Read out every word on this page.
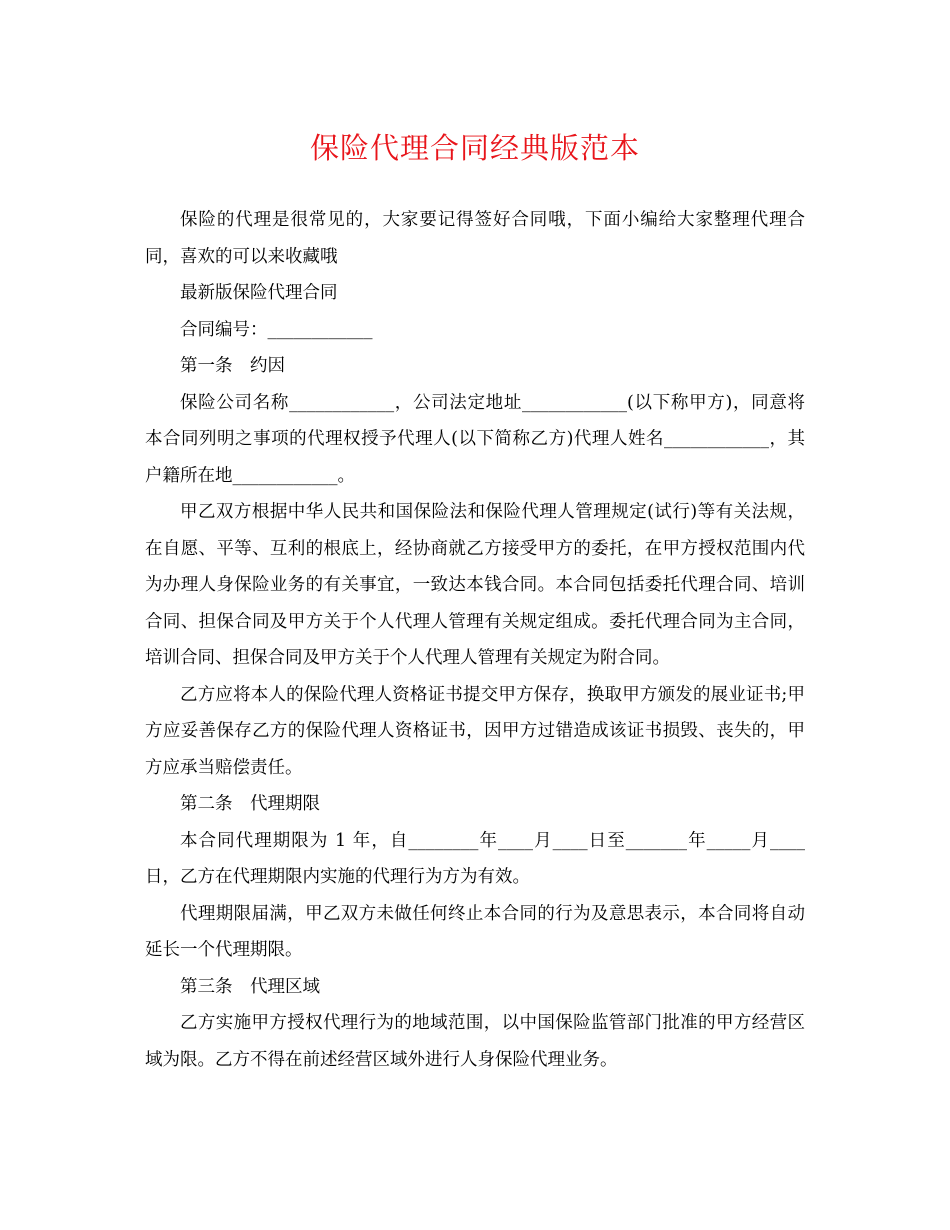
保险代理合同经典版范本

保险的代理是很常见的，大家要记得签好合同哦，下面小编给大家整理代理合同，喜欢的可以来收藏哦

最新版保险代理合同

合同编号：____________

第一条　约因

保险公司名称____________，公司法定地址____________(以下称甲方)，同意将本合同列明之事项的代理权授予代理人(以下简称乙方)代理人姓名____________，其户籍所在地____________。

甲乙双方根据中华人民共和国保险法和保险代理人管理规定(试行)等有关法规，在自愿、平等、互利的根底上，经协商就乙方接受甲方的委托，在甲方授权范围内代为办理人身保险业务的有关事宜，一致达本钱合同。本合同包括委托代理合同、培训合同、担保合同及甲方关于个人代理人管理有关规定组成。委托代理合同为主合同，培训合同、担保合同及甲方关于个人代理人管理有关规定为附合同。

乙方应将本人的保险代理人资格证书提交甲方保存，换取甲方颁发的展业证书;甲方应妥善保存乙方的保险代理人资格证书，因甲方过错造成该证书损毁、丧失的，甲方应承当赔偿责任。

第二条　代理期限

本合同代理期限为 1 年，自________年____月____日至_______年_____月____日，乙方在代理期限内实施的代理行为方为有效。

代理期限届满，甲乙双方未做任何终止本合同的行为及意思表示，本合同将自动延长一个代理期限。

第三条　代理区域

乙方实施甲方授权代理行为的地域范围，以中国保险监管部门批准的甲方经营区域为限。乙方不得在前述经营区域外进行人身保险代理业务。
